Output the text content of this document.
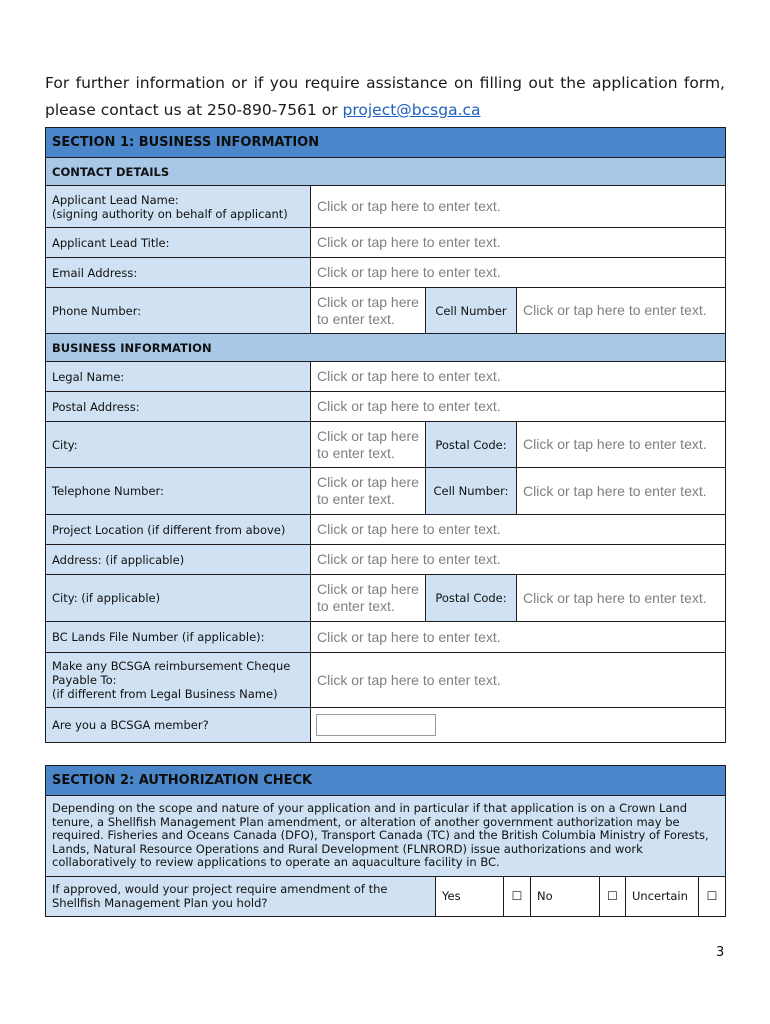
For further information or if you require assistance on filling out the application form, please contact us at 250-890-7561 or project@bcsga.ca
SECTION 1: BUSINESS INFORMATION			
CONTACT DETAILS			
Applicant Lead Name:
(signing authority on behalf of applicant)	Click or tap here to enter text.		
Applicant Lead Title:	Click or tap here to enter text.		
Email Address:	Click or tap here to enter text.		
Phone Number:	Click or tap here to enter text.	Cell Number	Click or tap here to enter text.
BUSINESS INFORMATION			
Legal Name:	Click or tap here to enter text.		
Postal Address:	Click or tap here to enter text.		
City:	Click or tap here to enter text.	Postal Code:	Click or tap here to enter text.
Telephone Number:	Click or tap here to enter text.	Cell Number:	Click or tap here to enter text.
Project Location (if different from above)	Click or tap here to enter text.		
Address: (if applicable)	Click or tap here to enter text.		
City: (if applicable)	Click or tap here to enter text.	Postal Code:	Click or tap here to enter text.
BC Lands File Number (if applicable):	Click or tap here to enter text.		
Make any BCSGA reimbursement Cheque
Payable To:
(if different from Legal Business Name)	Click or tap here to enter text.		
Are you a BCSGA member?			
SECTION 2: AUTHORIZATION CHECK
Depending on the scope and nature of your application and in particular if that application is on a Crown Land tenure, a Shellfish Management Plan amendment, or alteration of another government authorization may be required. Fisheries and Oceans Canada (DFO), Transport Canada (TC) and the British Columbia Ministry of Forests, Lands, Natural Resource Operations and Rural Development (FLNRORD) issue authorizations and work collaboratively to review applications to operate an aquaculture facility in BC.
If approved, would your project require amendment of the Shellfish Management Plan you hold?	Yes	☐	No	☐	Uncertain	☐
3
